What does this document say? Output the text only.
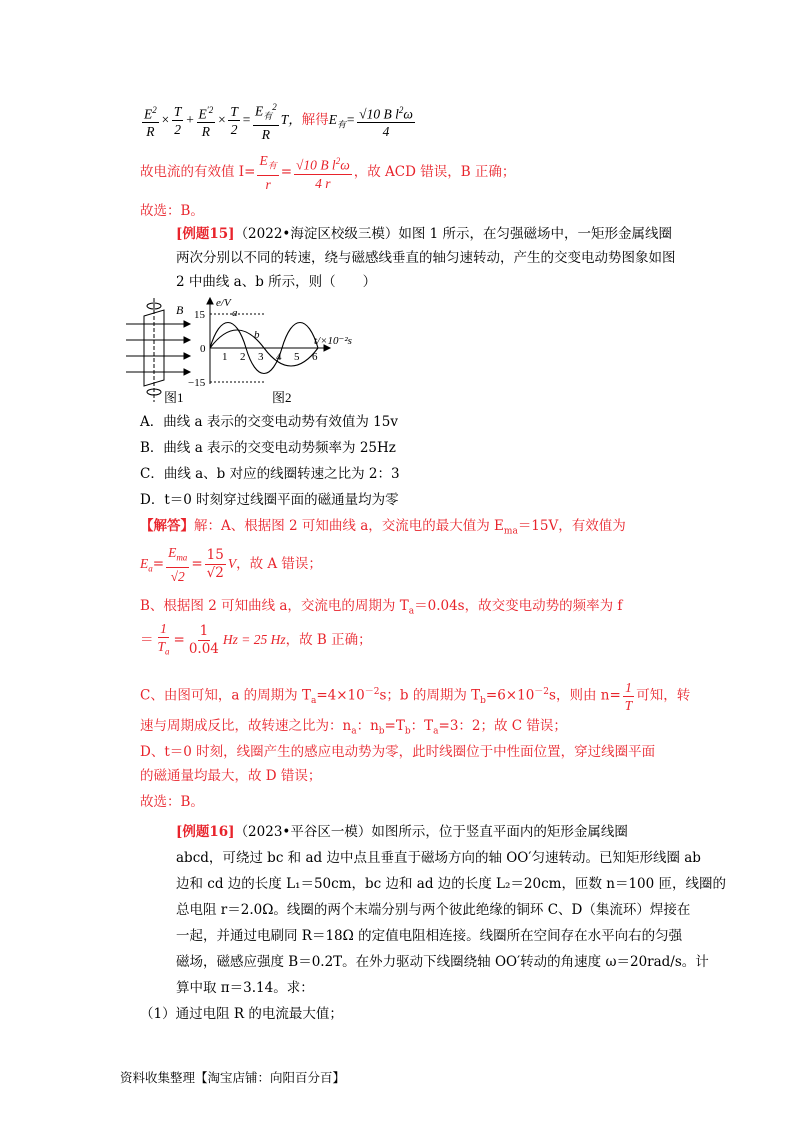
$\frac{E^2}{R} \times \frac{T}{2} + \frac{E^{'2}}{R} \times \frac{T}{2} = \frac{E_有^2}{R}$ T，解得$E_有= \frac{√10 B l^2\omega}{4}$
故电流的有效值 $I= \frac{E_有}{r} = \frac{√10 B l^2\omega}{4 r}$ ，故 ACD 错误，B 正确；
故选：B。
[例题15]（2022•海淀区校级三模）如图 1 所示，在匀强磁场中，一矩形金属线圈
两次分别以不同的转速，绕与磁感线垂直的轴匀速转动，产生的交变电动势图象如图
2 中曲线 a、b 所示，则（　　）
B
图1
e/V
15
−15
0
t/×10⁻²s
1 2 3 4 5 6
a
b
图2
A．曲线 a 表示的交变电动势有效值为 15v
B．曲线 a 表示的交变电动势频率为 25Hz
C．曲线 a、b 对应的线圈转速之比为 2：3
D．t＝0 时刻穿过线圈平面的磁通量均为零
【解答】解：A、根据图 2 可知曲线 a，交流电的最大值为 $E_{ma}=15V$，有效值为
$E_a= \frac{E_{ma}}{√2} = \frac{15}{√2}$ V，故 A 错误；
B、根据图 2 可知曲线 a，交流电的周期为 $T_a=0.04s$，故交变电动势的频率为 f
＝ $\frac{1}{T_a} = \frac{1}{0.04}$ Hz = 25 Hz，故 B 正确；
C、由图可知，a 的周期为 $T_a=4\times 10^{-2}s$；b 的周期为 $T_b=6\times 10^{-2}s$，则由 $n= \frac{1}{T}$ 可知，转
速与周期成反比，故转速之比为：$n_a$：$n_b=T_b$：$T_a=3$：2；故 C 错误；
D、t＝0 时刻，线圈产生的感应电动势为零，此时线圈位于中性面位置，穿过线圈平面
的磁通量均最大，故 D 错误；
故选：B。
[例题16]（2023•平谷区一模）如图所示，位于竖直平面内的矩形金属线圈
abcd，可绕过 bc 和 ad 边中点且垂直于磁场方向的轴 OO′匀速转动。已知矩形线圈 ab
边和 cd 边的长度 L₁＝50cm，bc 边和 ad 边的长度 L₂＝20cm，匝数 n＝100 匝，线圈的
总电阻 r＝2.0Ω。线圈的两个末端分别与两个彼此绝缘的铜环 C、D（集流环）焊接在
一起，并通过电刷同 R＝18Ω 的定值电阻相连接。线圈所在空间存在水平向右的匀强
磁场，磁感应强度 B＝0.2T。在外力驱动下线圈绕轴 OO′转动的角速度 ω＝20rad/s。计
算中取 π＝3.14。求：
（1）通过电阻 R 的电流最大值；
资料收集整理【淘宝店铺：向阳百分百】
